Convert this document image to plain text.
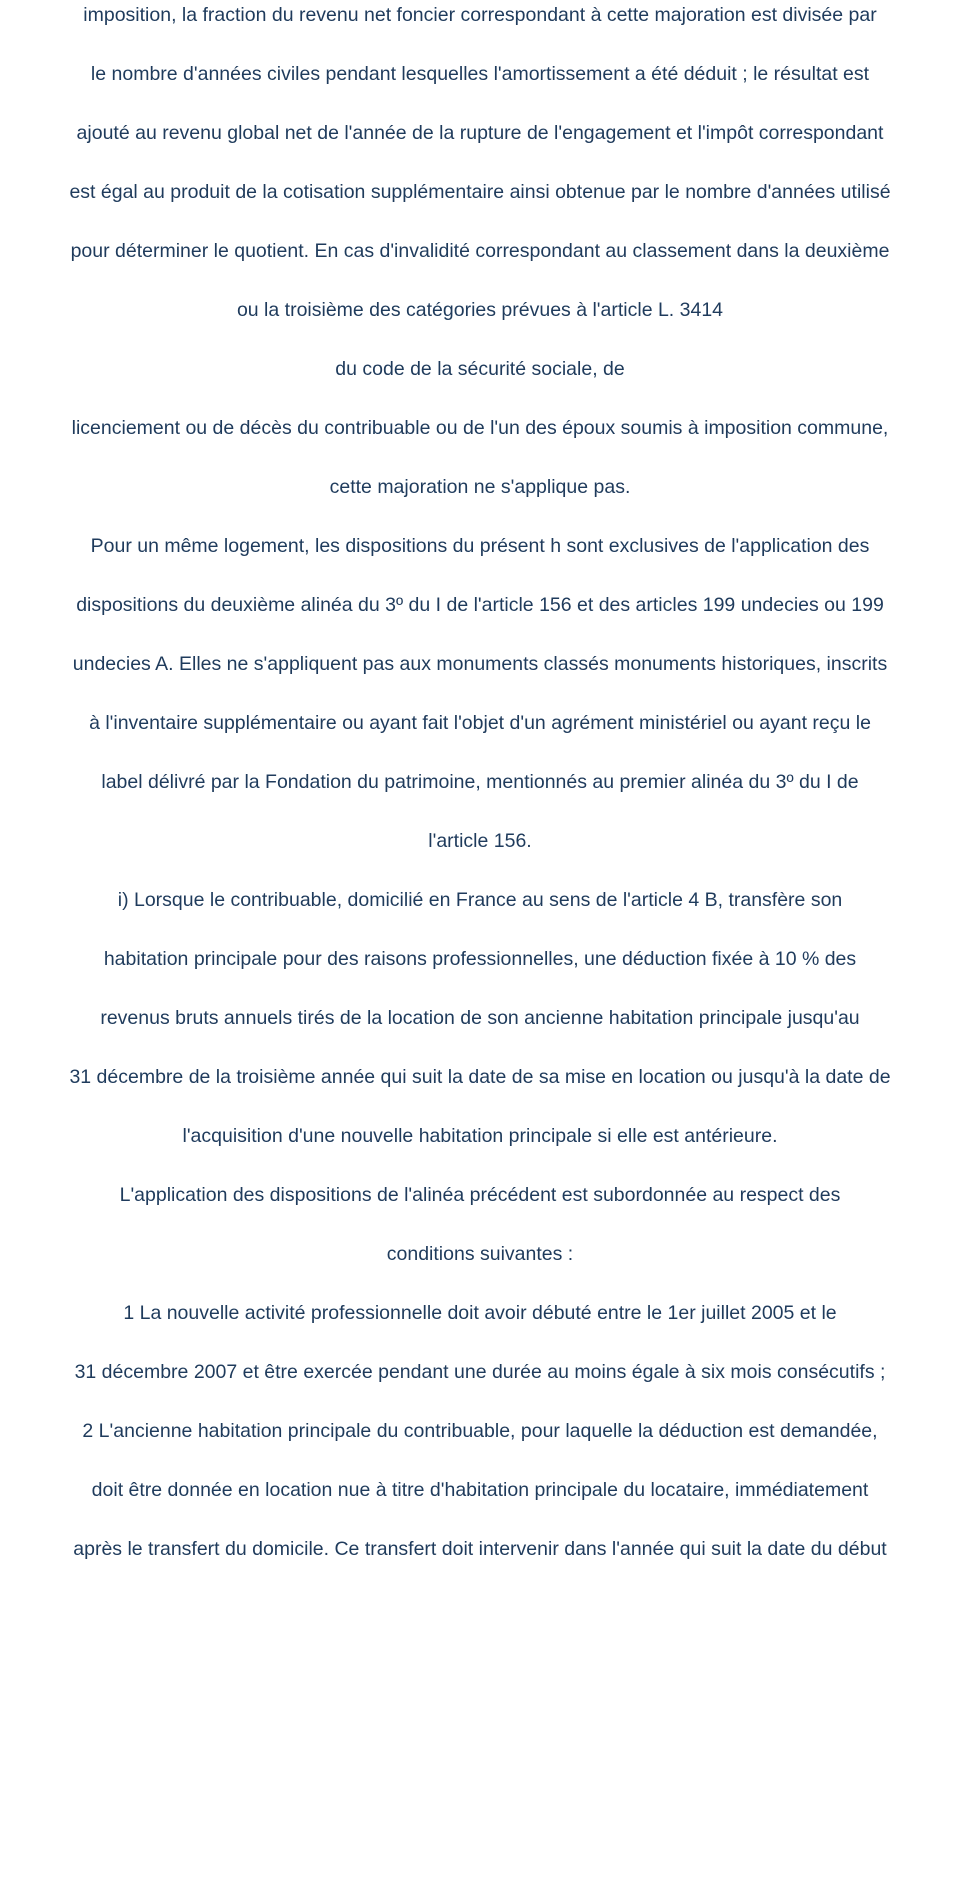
imposition, la fraction du revenu net foncier correspondant à cette majoration est divisée par
le nombre d'années civiles pendant lesquelles l'amortissement a été déduit ; le résultat est
ajouté au revenu global net de l'année de la rupture de l'engagement et l'impôt correspondant
est égal au produit de la cotisation supplémentaire ainsi obtenue par le nombre d'années utilisé
pour déterminer le quotient. En cas d'invalidité correspondant au classement dans la deuxième
ou la troisième des catégories prévues à l'article L. 3414
du code de la sécurité sociale, de
licenciement ou de décès du contribuable ou de l'un des époux soumis à imposition commune,
cette majoration ne s'applique pas.
Pour un même logement, les dispositions du présent h sont exclusives de l'application des
dispositions du deuxième alinéa du 3º du I de l'article 156 et des articles 199 undecies ou 199
undecies A. Elles ne s'appliquent pas aux monuments classés monuments historiques, inscrits
à l'inventaire supplémentaire ou ayant fait l'objet d'un agrément ministériel ou ayant reçu le
label délivré par la Fondation du patrimoine, mentionnés au premier alinéa du 3º du I de
l'article 156.
i) Lorsque le contribuable, domicilié en France au sens de l'article 4 B, transfère son
habitation principale pour des raisons professionnelles, une déduction fixée à 10 % des
revenus bruts annuels tirés de la location de son ancienne habitation principale jusqu'au
31 décembre de la troisième année qui suit la date de sa mise en location ou jusqu'à la date de
l'acquisition d'une nouvelle habitation principale si elle est antérieure.
L'application des dispositions de l'alinéa précédent est subordonnée au respect des
conditions suivantes :
1 La nouvelle activité professionnelle doit avoir débuté entre le 1er juillet 2005 et le
31 décembre 2007 et être exercée pendant une durée au moins égale à six mois consécutifs ;
2 L'ancienne habitation principale du contribuable, pour laquelle la déduction est demandée,
doit être donnée en location nue à titre d'habitation principale du locataire, immédiatement
après le transfert du domicile. Ce transfert doit intervenir dans l'année qui suit la date du début
